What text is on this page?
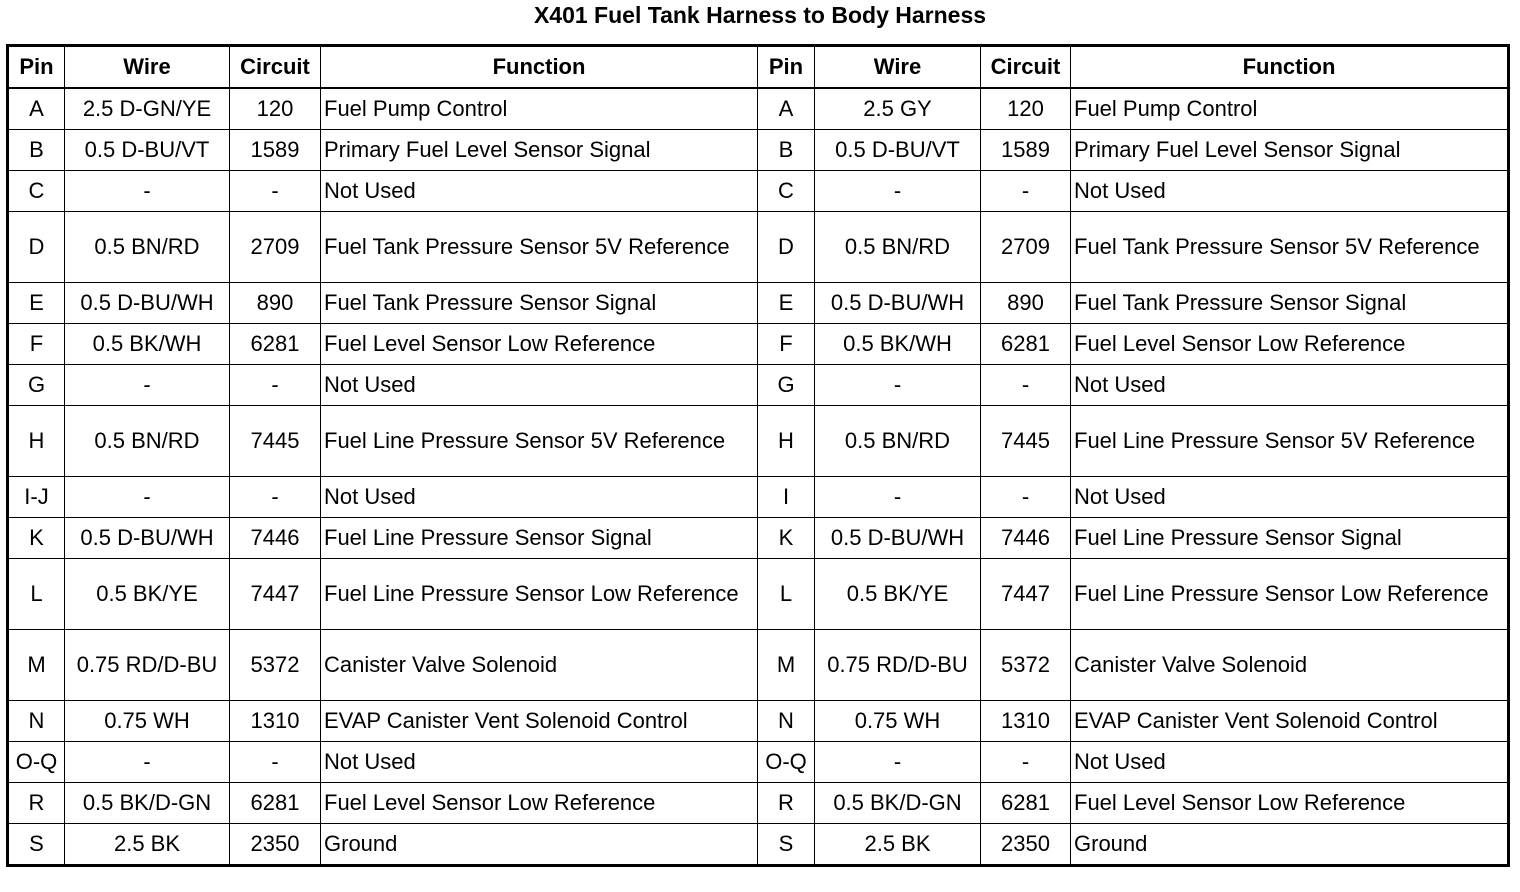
X401 Fuel Tank Harness to Body Harness
Pin	Wire	Circuit	Function	Pin	Wire	Circuit	Function
A	2.5 D-GN/YE	120	Fuel Pump Control	A	2.5 GY	120	Fuel Pump Control
B	0.5 D-BU/VT	1589	Primary Fuel Level Sensor Signal	B	0.5 D-BU/VT	1589	Primary Fuel Level Sensor Signal
C	-	-	Not Used	C	-	-	Not Used
D	0.5 BN/RD	2709	Fuel Tank Pressure Sensor 5V Reference	D	0.5 BN/RD	2709	Fuel Tank Pressure Sensor 5V Reference
E	0.5 D-BU/WH	890	Fuel Tank Pressure Sensor Signal	E	0.5 D-BU/WH	890	Fuel Tank Pressure Sensor Signal
F	0.5 BK/WH	6281	Fuel Level Sensor Low Reference	F	0.5 BK/WH	6281	Fuel Level Sensor Low Reference
G	-	-	Not Used	G	-	-	Not Used
H	0.5 BN/RD	7445	Fuel Line Pressure Sensor 5V Reference	H	0.5 BN/RD	7445	Fuel Line Pressure Sensor 5V Reference
I-J	-	-	Not Used	I	-	-	Not Used
K	0.5 D-BU/WH	7446	Fuel Line Pressure Sensor Signal	K	0.5 D-BU/WH	7446	Fuel Line Pressure Sensor Signal
L	0.5 BK/YE	7447	Fuel Line Pressure Sensor Low Reference	L	0.5 BK/YE	7447	Fuel Line Pressure Sensor Low Reference
M	0.75 RD/D-BU	5372	Canister Valve Solenoid	M	0.75 RD/D-BU	5372	Canister Valve Solenoid
N	0.75 WH	1310	EVAP Canister Vent Solenoid Control	N	0.75 WH	1310	EVAP Canister Vent Solenoid Control
O-Q	-	-	Not Used	O-Q	-	-	Not Used
R	0.5 BK/D-GN	6281	Fuel Level Sensor Low Reference	R	0.5 BK/D-GN	6281	Fuel Level Sensor Low Reference
S	2.5 BK	2350	Ground	S	2.5 BK	2350	Ground
